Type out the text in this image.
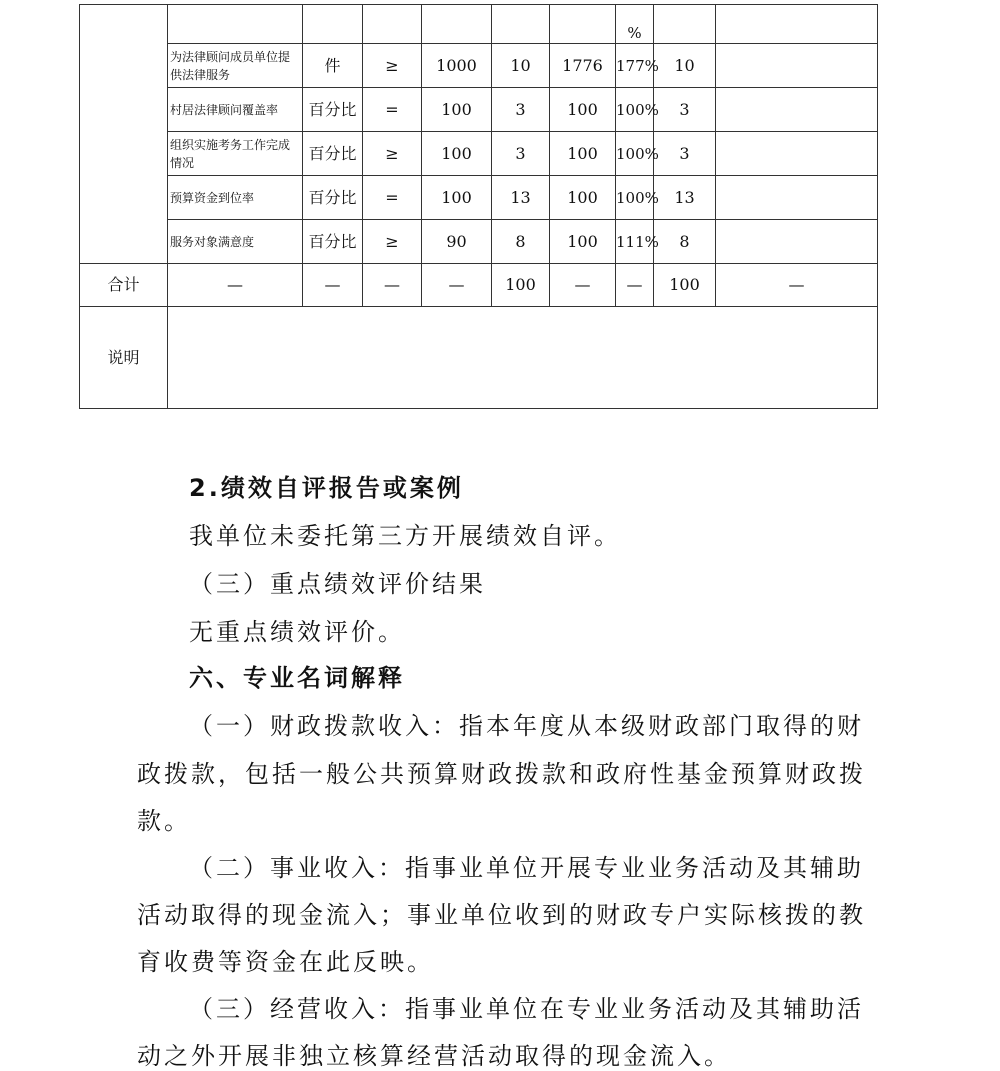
							%		
	为法律顾问成员单位提供法律服务	件	≥	1000	10	1776	177%	10	
	村居法律顾问覆盖率	百分比	=	100	3	100	100%	3	
	组织实施考务工作完成情况	百分比	≥	100	3	100	100%	3	
	预算资金到位率	百分比	=	100	13	100	100%	13	
	服务对象满意度	百分比	≥	90	8	100	111%	8	
合计	—	—	—	—	100	—	—	100	—
说明									
2.绩效自评报告或案例
我单位未委托第三方开展绩效自评。
（三）重点绩效评价结果
无重点绩效评价。
六、专业名词解释
（一）财政拨款收入：指本年度从本级财政部门取得的财
政拨款，包括一般公共预算财政拨款和政府性基金预算财政拨
款。
（二）事业收入：指事业单位开展专业业务活动及其辅助
活动取得的现金流入；事业单位收到的财政专户实际核拨的教
育收费等资金在此反映。
（三）经营收入：指事业单位在专业业务活动及其辅助活
动之外开展非独立核算经营活动取得的现金流入。
